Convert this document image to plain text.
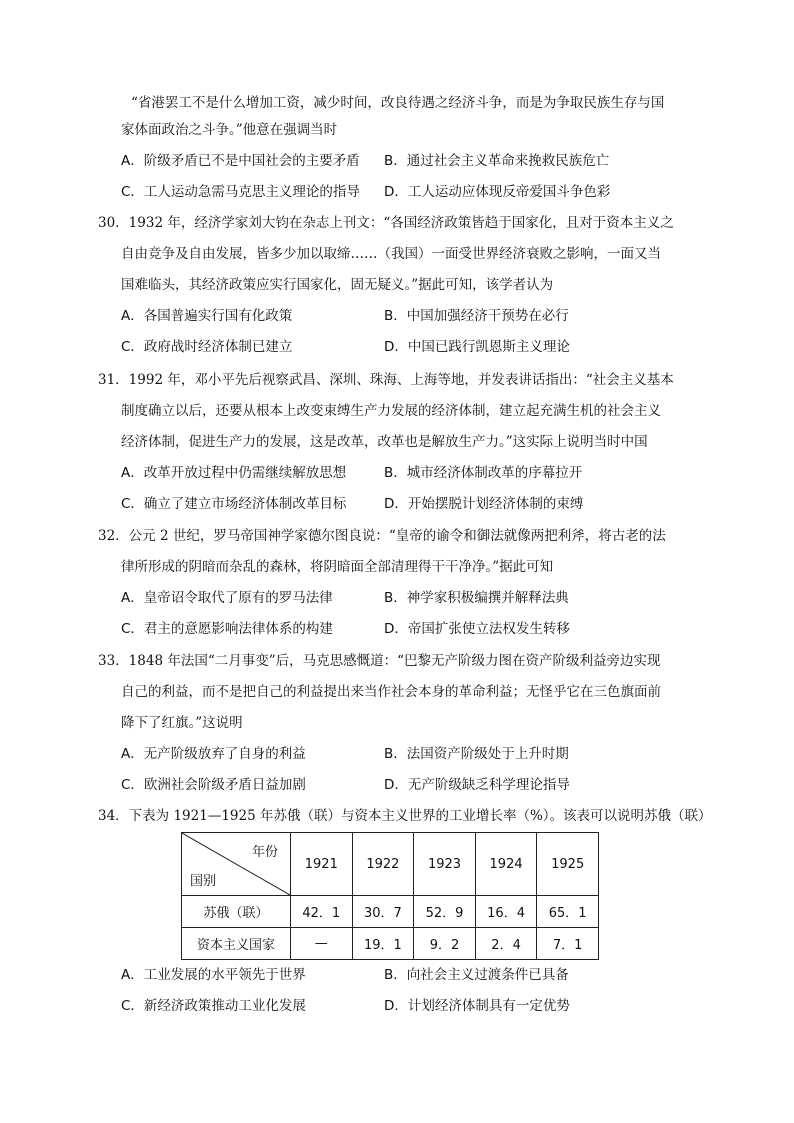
“省港罢工不是什么增加工资，减少时间，改良待遇之经济斗争，而是为争取民族生存与国
家体面政治之斗争。”他意在强调当时
A．阶级矛盾已不是中国社会的主要矛盾 B．通过社会主义革命来挽救民族危亡
C．工人运动急需马克思主义理论的指导 D．工人运动应体现反帝爱国斗争色彩
30．1932 年，经济学家刘大钧在杂志上刊文：“各国经济政策皆趋于国家化，且对于资本主义之
自由竞争及自由发展，皆多少加以取缔……（我国）一面受世界经济衰败之影响，一面又当
国难临头，其经济政策应实行国家化，固无疑义。”据此可知，该学者认为
A．各国普遍实行国有化政策	B．中国加强经济干预势在必行
C．政府战时经济体制已建立	D．中国已践行凯恩斯主义理论
31．1992 年，邓小平先后视察武昌、深圳、珠海、上海等地，并发表讲话指出：“社会主义基本
制度确立以后，还要从根本上改变束缚生产力发展的经济体制，建立起充满生机的社会主义
经济体制，促进生产力的发展，这是改革，改革也是解放生产力。”这实际上说明当时中国
A．改革开放过程中仍需继续解放思想	B．城市经济体制改革的序幕拉开
C．确立了建立市场经济体制改革目标	D．开始摆脱计划经济体制的束缚
32．公元 2 世纪，罗马帝国神学家德尔图良说：“皇帝的谕令和御法就像两把利斧，将古老的法
律所形成的阴暗而杂乱的森林，将阴暗面全部清理得干干净净。”据此可知
A．皇帝诏令取代了原有的罗马法律	B．神学家积极编撰并解释法典
C．君主的意愿影响法律体系的构建	D．帝国扩张使立法权发生转移
33．1848 年法国“二月事变”后，马克思感慨道：“巴黎无产阶级力图在资产阶级利益旁边实现
自己的利益，而不是把自己的利益提出来当作社会本身的革命利益；无怪乎它在三色旗面前
降下了红旗。”这说明
A．无产阶级放弃了自身的利益	B．法国资产阶级处于上升时期
C．欧洲社会阶级矛盾日益加剧	D．无产阶级缺乏科学理论指导
34．下表为 1921—1925 年苏俄（联）与资本主义世界的工业增长率（%）。该表可以说明苏俄（联）
年份
国别	1921	1922	1923	1924	1925
苏俄（联）	42．1	30．7	52．9	16．4	65．1
资本主义国家	—	19．1	9．2	2．4	7．1
A．工业发展的水平领先于世界	B．向社会主义过渡条件已具备
C．新经济政策推动工业化发展	D．计划经济体制具有一定优势
